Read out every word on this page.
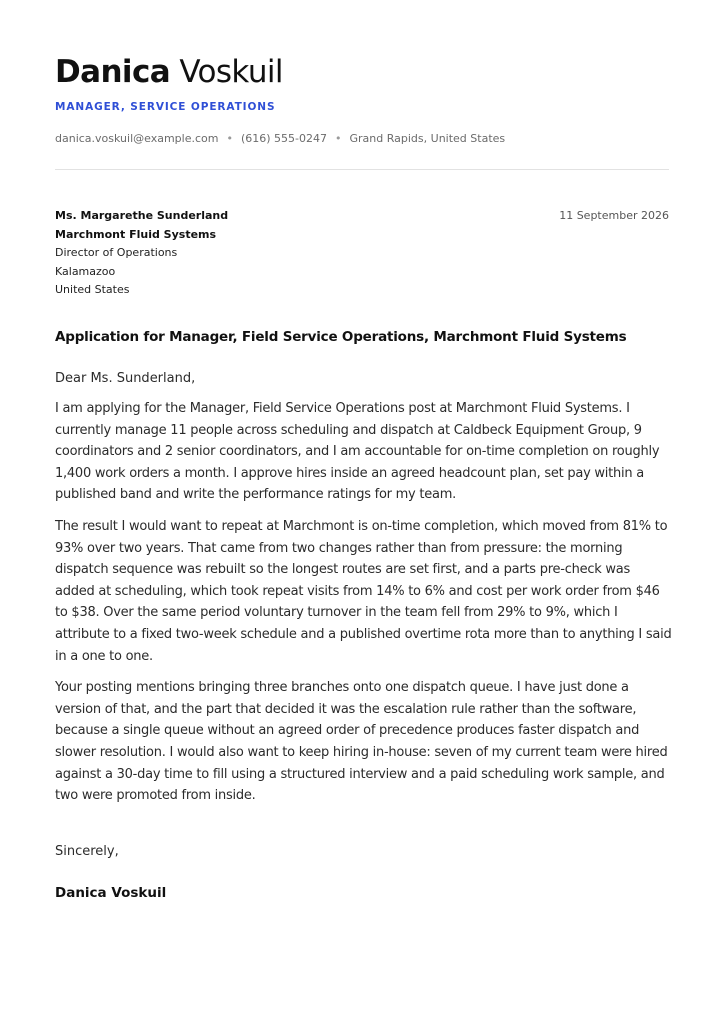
Danica Voskuil
MANAGER, SERVICE OPERATIONS
danica.voskuil@example.com • (616) 555-0247 • Grand Rapids, United States
Ms. Margarethe Sunderland
Marchmont Fluid Systems
Director of Operations
Kalamazoo
United States
11 September 2026
Application for Manager, Field Service Operations, Marchmont Fluid Systems
Dear Ms. Sunderland,

I am applying for the Manager, Field Service Operations post at Marchmont Fluid Systems. I currently manage 11 people across scheduling and dispatch at Caldbeck Equipment Group, 9 coordinators and 2 senior coordinators, and I am accountable for on-time completion on roughly 1,400 work orders a month. I approve hires inside an agreed headcount plan, set pay within a published band and write the performance ratings for my team.

The result I would want to repeat at Marchmont is on-time completion, which moved from 81% to 93% over two years. That came from two changes rather than from pressure: the morning dispatch sequence was rebuilt so the longest routes are set first, and a parts pre-check was added at scheduling, which took repeat visits from 14% to 6% and cost per work order from $46 to $38. Over the same period voluntary turnover in the team fell from 29% to 9%, which I attribute to a fixed two-week schedule and a published overtime rota more than to anything I said in a one to one.

Your posting mentions bringing three branches onto one dispatch queue. I have just done a version of that, and the part that decided it was the escalation rule rather than the software, because a single queue without an agreed order of precedence produces faster dispatch and slower resolution. I would also want to keep hiring in-house: seven of my current team were hired against a 30-day time to fill using a structured interview and a paid scheduling work sample, and two were promoted from inside.

Sincerely,
Danica Voskuil
